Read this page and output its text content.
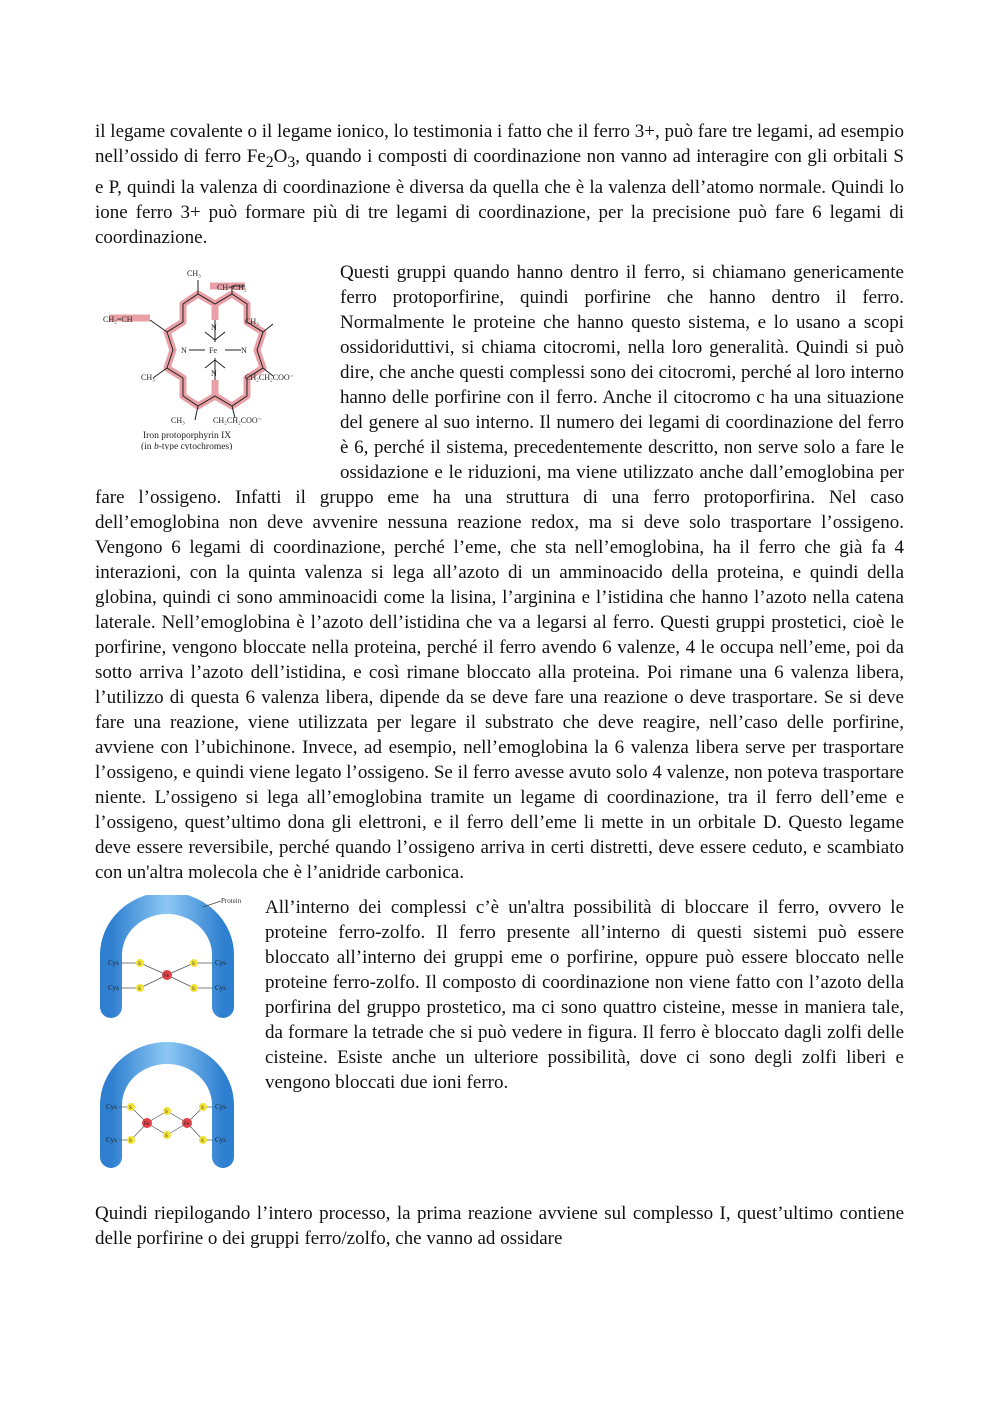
il legame covalente o il legame ionico, lo testimonia i fatto che il ferro 3+, può fare tre legami, ad esempio nell’ossido di ferro $Fe_2O_3$, quando i composti di coordinazione non vanno ad interagire con gli orbitali S e P, quindi la valenza di coordinazione è diversa da quella che è la valenza dell’atomo normale. Quindi lo ione ferro 3+ può formare più di tre legami di coordinazione, per la precisione può fare 6 legami di coordinazione.

CH₃
CH=CH₂
CH₂=CH	CH₃
CH₃	CH₂CH₂COO⁻
CH₃	CH₂CH₂COO⁻
N
N
N	N
Fe
Iron protoporphyrin IX
(in b-type cytochromes)

Questi gruppi quando hanno dentro il ferro, si chiamano genericamente ferro protoporfirine, quindi porfirine che hanno dentro il ferro. Normalmente le proteine che hanno questo sistema, e lo usano a scopi ossidoriduttivi, si chiama citocromi, nella loro generalità. Quindi si può dire, che anche questi complessi sono dei citocromi, perché al loro interno hanno delle porfirine con il ferro. Anche il citocromo c ha una situazione del genere al suo interno. Il numero dei legami di coordinazione del ferro è 6, perché il sistema, precedentemente descritto, non serve solo a fare le ossidazione e le riduzioni, ma viene utilizzato anche dall’emoglobina per fare l’ossigeno. Infatti il gruppo eme ha una struttura di una ferro protoporfirina. Nel caso dell’emoglobina non deve avvenire nessuna reazione redox, ma si deve solo trasportare l’ossigeno. Vengono 6 legami di coordinazione, perché l’eme, che sta nell’emoglobina, ha il ferro che già fa 4 interazioni, con la quinta valenza si lega all’azoto di un amminoacido della proteina, e quindi della globina, quindi ci sono amminoacidi come la lisina, l’arginina e l’istidina che hanno l’azoto nella catena laterale. Nell’emoglobina è l’azoto dell’istidina che va a legarsi al ferro. Questi gruppi prostetici, cioè le porfirine, vengono bloccate nella proteina, perché il ferro avendo 6 valenze, 4 le occupa nell’eme, poi da sotto arriva l’azoto dell’istidina, e così rimane bloccato alla proteina. Poi rimane una 6 valenza libera, l’utilizzo di questa 6 valenza libera, dipende da se deve fare una reazione o deve trasportare. Se si deve fare una reazione, viene utilizzata per legare il substrato che deve reagire, nell’caso delle porfirine, avviene con l’ubichinone. Invece, ad esempio, nell’emoglobina la 6 valenza libera serve per trasportare l’ossigeno, e quindi viene legato l’ossigeno. Se il ferro avesse avuto solo 4 valenze, non poteva trasportare niente. L’ossigeno si lega all’emoglobina tramite un legame di coordinazione, tra il ferro dell’eme e l’ossigeno, quest’ultimo dona gli elettroni, e il ferro dell’eme li mette in un orbitale D. Questo legame deve essere reversibile, perché quando l’ossigeno arriva in certi distretti, deve essere ceduto, e scambiato con un'altra molecola che è l’anidride carbonica.

Protein
Cys
Cys
Cys
Cys
S
S
S
S
Fe
Cys
Cys
Cys
Cys
S
S
S
S
S
S
Fe	Fe

All’interno dei complessi c’è un'altra possibilità di bloccare il ferro, ovvero le proteine ferro-zolfo. Il ferro presente all’interno di questi sistemi può essere bloccato all’interno dei gruppi eme o porfirine, oppure può essere bloccato nelle proteine ferro-zolfo. Il composto di coordinazione non viene fatto con l’azoto della porfirina del gruppo prostetico, ma ci sono quattro cisteine, messe in maniera tale, da formare la tetrade che si può vedere in figura. Il ferro è bloccato dagli zolfi delle cisteine. Esiste anche un ulteriore possibilità, dove ci sono degli zolfi liberi e vengono bloccati due ioni ferro.

Quindi riepilogando l’intero processo, la prima reazione avviene sul complesso I, quest’ultimo contiene delle porfirine o dei gruppi ferro/zolfo, che vanno ad ossidare
